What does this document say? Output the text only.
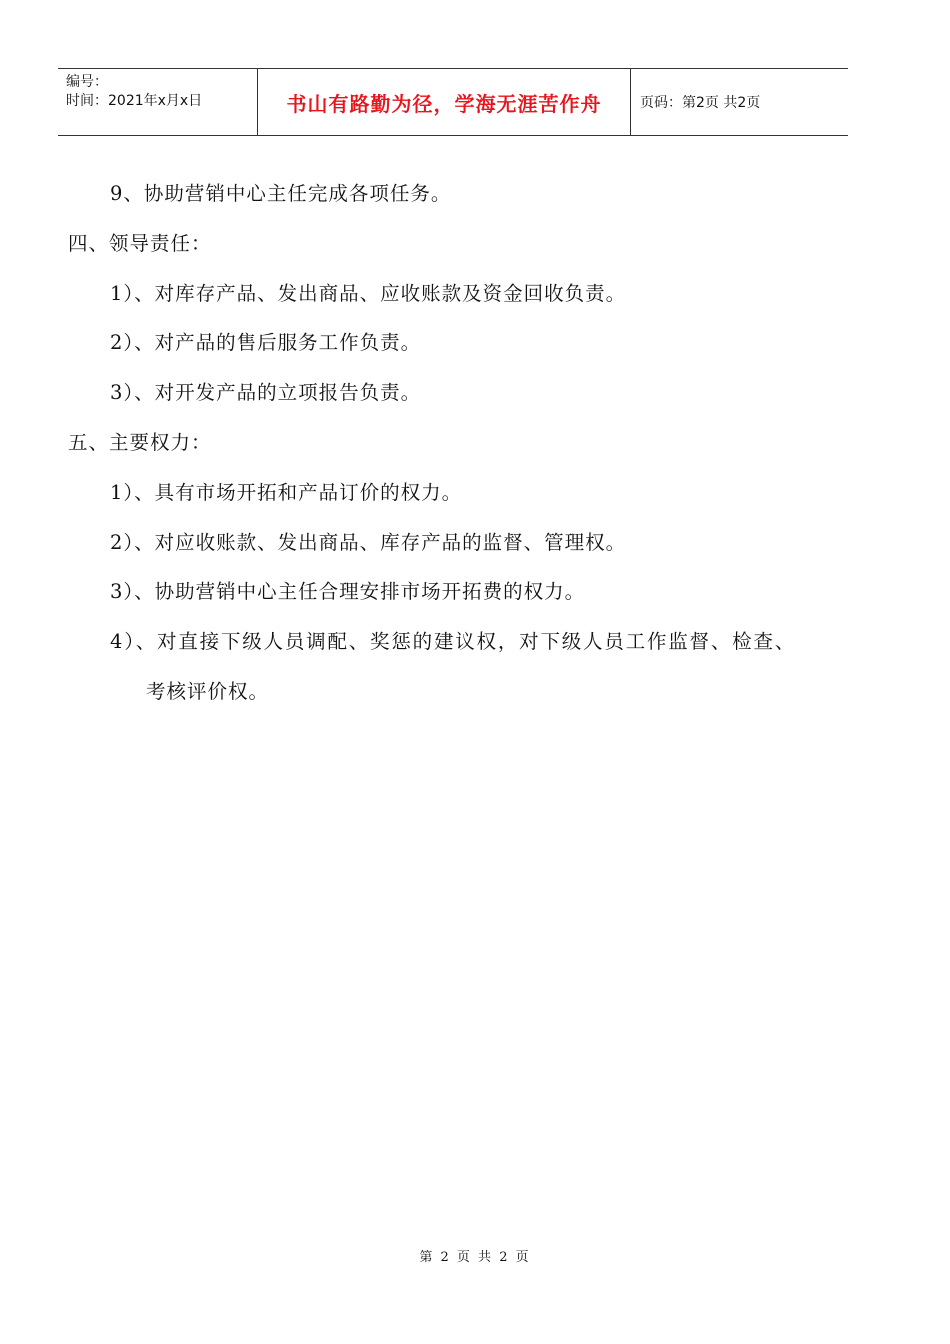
编号：
时间：2021年x月x日	书山有路勤为径，学海无涯苦作舟	页码：第2页 共2页
9、协助营销中心主任完成各项任务。
四、领导责任：
1）、对库存产品、发出商品、应收账款及资金回收负责。
2）、对产品的售后服务工作负责。
3）、对开发产品的立项报告负责。
五、主要权力：
1）、具有市场开拓和产品订价的权力。
2）、对应收账款、发出商品、库存产品的监督、管理权。
3）、协助营销中心主任合理安排市场开拓费的权力。
4）、对直接下级人员调配、奖惩的建议权，对下级人员工作监督、检查、
考核评价权。
第 2 页 共 2 页
